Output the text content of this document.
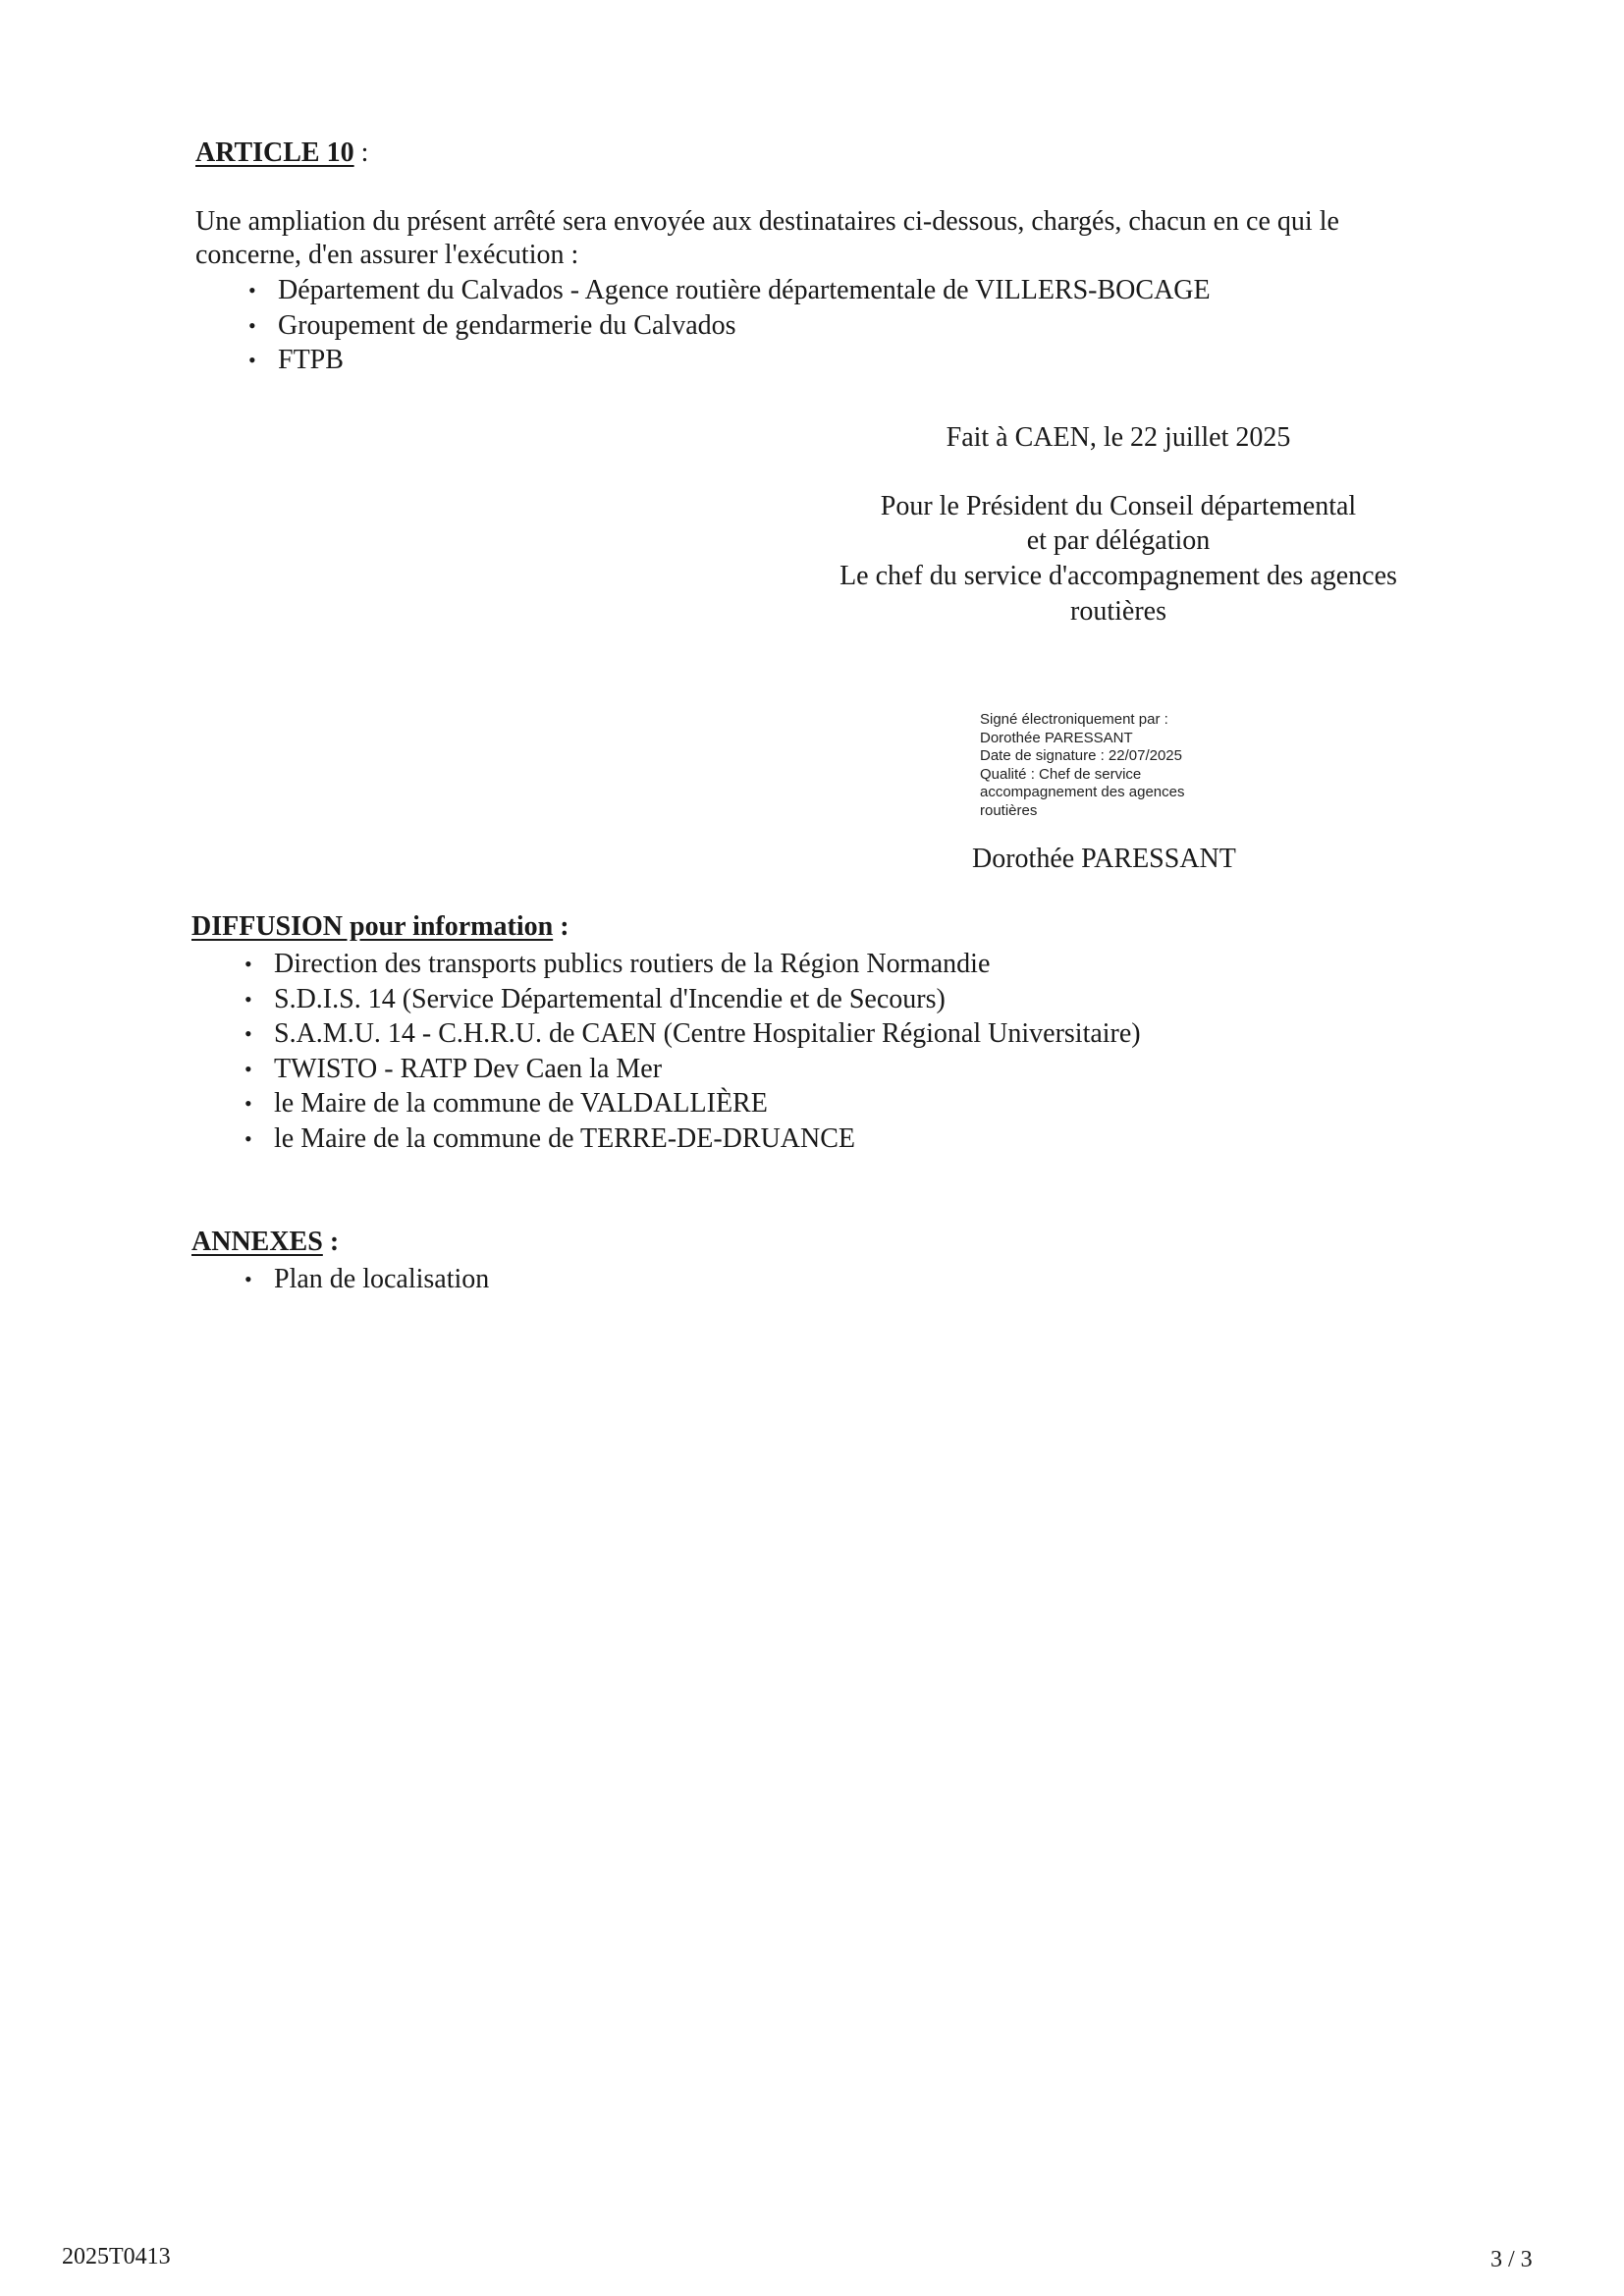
ARTICLE 10 :
Une ampliation du présent arrêté sera envoyée aux destinataires ci-dessous, chargés, chacun en ce qui le
concerne, d'en assurer l'exécution :
• Département du Calvados - Agence routière départementale de VILLERS-BOCAGE
• Groupement de gendarmerie du Calvados
• FTPB
Fait à CAEN, le 22 juillet 2025
Pour le Président du Conseil départemental
et par délégation
Le chef du service d'accompagnement des agences
routières
Signé électroniquement par :
Dorothée PARESSANT
Date de signature : 22/07/2025
Qualité : Chef de service
accompagnement des agences
routières
Dorothée PARESSANT
DIFFUSION pour information :
• Direction des transports publics routiers de la Région Normandie
• S.D.I.S. 14 (Service Départemental d'Incendie et de Secours)
• S.A.M.U. 14 - C.H.R.U. de CAEN (Centre Hospitalier Régional Universitaire)
• TWISTO - RATP Dev Caen la Mer
• le Maire de la commune de VALDALLIÈRE
• le Maire de la commune de TERRE-DE-DRUANCE
ANNEXES :
• Plan de localisation
2025T0413	3 / 3
